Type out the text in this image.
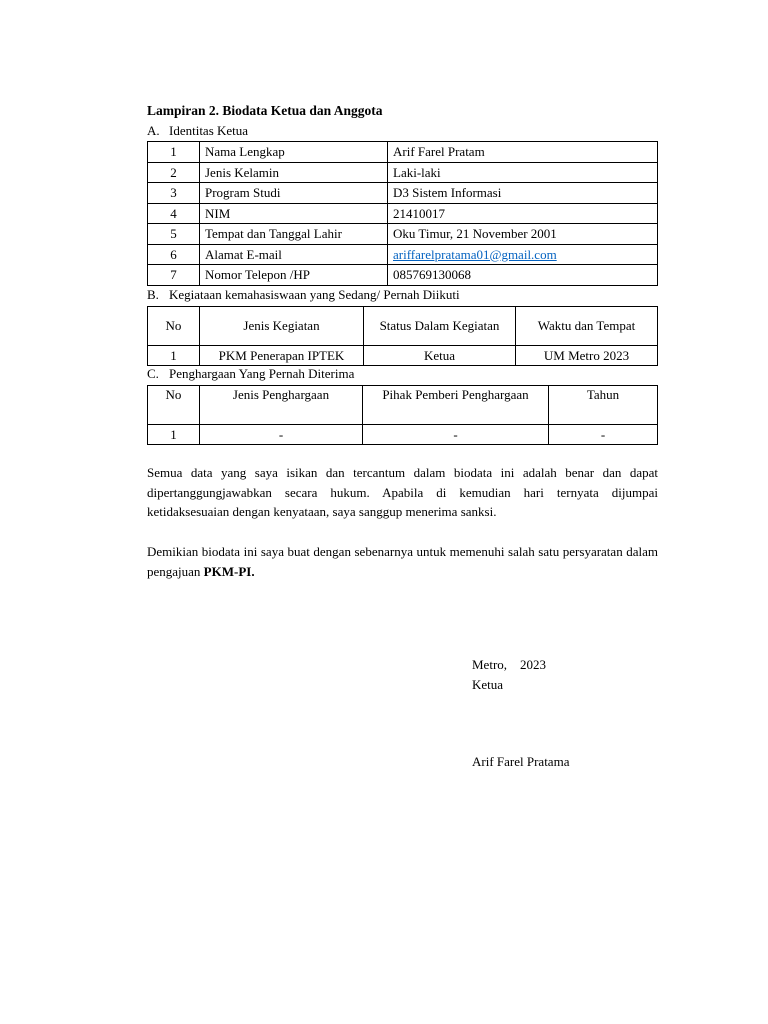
Lampiran 2. Biodata Ketua dan Anggota
A. Identitas Ketua
1	Nama Lengkap	Arif Farel Pratam
2	Jenis Kelamin	Laki-laki
3	Program Studi	D3 Sistem Informasi
4	NIM	21410017
5	Tempat dan Tanggal Lahir	Oku Timur, 21 November 2001
6	Alamat E-mail	ariffarelpratama01@gmail.com
7	Nomor Telepon /HP	085769130068
B. Kegiataan kemahasiswaan yang Sedang/ Pernah Diikuti
No	Jenis Kegiatan	Status Dalam Kegiatan	Waktu dan Tempat
1	PKM Penerapan IPTEK	Ketua	UM Metro 2023
C. Penghargaan Yang Pernah Diterima
No	Jenis Penghargaan	Pihak Pemberi Penghargaan	Tahun
1	-	-	-

Semua data yang saya isikan dan tercantum dalam biodata ini adalah benar dan dapat dipertanggungjawabkan secara hukum. Apabila di kemudian hari ternyata dijumpai ketidaksesuaian dengan kenyataan, saya sanggup menerima sanksi.

Demikian biodata ini saya buat dengan sebenarnya untuk memenuhi salah satu persyaratan dalam pengajuan PKM-PI.

Metro,    2023
Ketua
Arif Farel Pratama
